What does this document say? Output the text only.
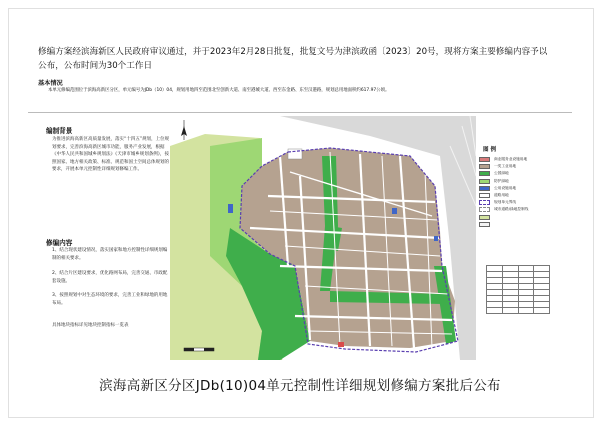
修编方案经滨海新区人民政府审议通过，并于2023年2月28日批复，批复文号为津滨政函〔2023〕20号，现将方案主要修编内容予以公布，公布时间为30个工作日
基本情况
本单元修编范围位于滨海高新区分区，单元编号为JDb（10）04，规划用地四至范围北至创新大道、南至港城大道、西至东金路、东至汉港路，规划总用地面积约617.97公顷。
编制背景
为推进滨海高新区高质量发展，落实“十四五”规划，上位规划要求，完善滨海高新区城市功能，服务产业发展，根据《中华人民共和国城乡规划法》《天津市城乡规划条例》，按照国家、地方相关政策、标准、规范和国土空间总体规划的要求，开展本单元控制性详细规划修编工作。
修编内容
1、结合现状建设情况，落实国家和地方控制性详细规划编制的相关要求。
2、结合片区建设要求，优化路网布局，完善交通、市政配套设施。
3、按照规划中对生态环境的要求，完善工业和绿地的用地布局。
具体地块指标详见地块控制指标一览表
图 例
商业服务业设施用地
一类工业用地
公园绿地
防护绿地
公用设施用地
道路用地
规划单元界线
城市道路/绿地控制线

滨海高新区分区JDb(10)04单元控制性详细规划修编方案批后公布
